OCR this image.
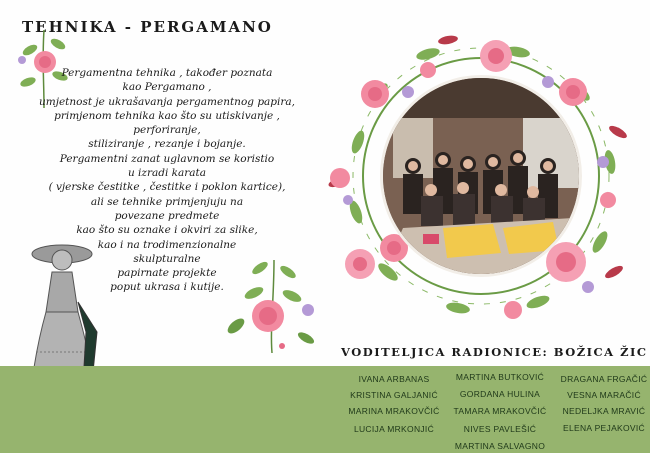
TEHNIKA - PERGAMANO
Pergamentna tehnika , također poznata
kao Pergamano ,
umjetnost je ukrašavanja pergamentnog papira,
primjenom tehnika kao što su utiskivanje ,
perforiranje,
stiliziranje , rezanje i bojanje.
Pergamentni zanat uglavnom se koristio
u izradi karata
( vjerske čestitke , čestitke i poklon kartice),
ali se tehnike primjenjuju na
povezane predmete
kao što su oznake i okviri za slike,
kao i na trodimenzionalne
skulpturalne
papirnate projekte
poput ukrasa i kutije.
VODITELJICA RADIONICE: BOŽICA ŽIC
IVANA ARBANAS
KRISTINA GALJANIĆ
MARINA MRAKOVČIĆ
LUCIJA MRKONJIĆ
MARTINA BUTKOVIĆ
GORDANA HULINA
TAMARA MRAKOVČIĆ
NIVES PAVLEŠIĆ
MARTINA SALVAGNO
DRAGANA FRGAČIĆ
VESNA MARAČIĆ
NEDELJKA MRAVIĆ
ELENA PEJAKOVIĆ
